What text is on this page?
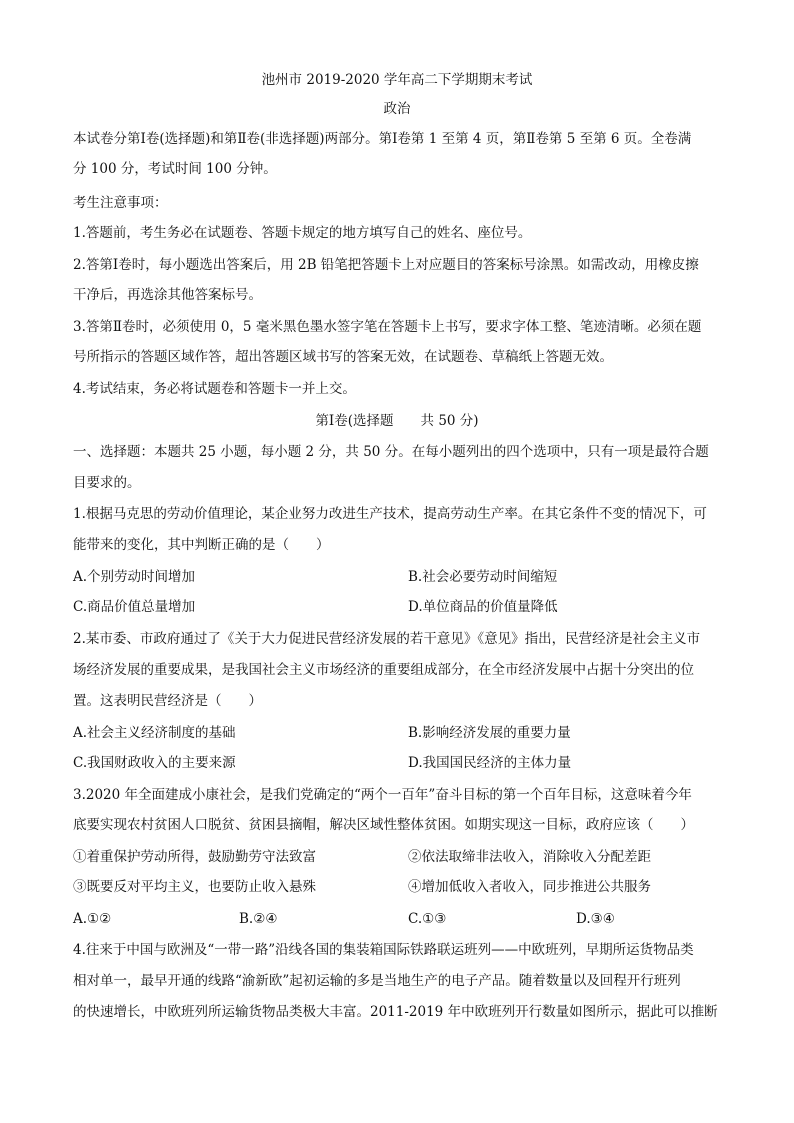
池州市 2019-2020 学年高二下学期期末考试
政治
本试卷分第Ⅰ卷(选择题)和第Ⅱ卷(非选择题)两部分。第Ⅰ卷第 1 至第 4 页，第Ⅱ卷第 5 至第 6 页。全卷满
分 100 分，考试时间 100 分钟。
考生注意事项：
1.答题前，考生务必在试题卷、答题卡规定的地方填写自己的姓名、座位号。
2.答第Ⅰ卷时，每小题选出答案后，用 2B 铅笔把答题卡上对应题目的答案标号涂黑。如需改动，用橡皮擦
干净后，再选涂其他答案标号。
3.答第Ⅱ卷时，必须使用 0，5 毫米黑色墨水签字笔在答题卡上书写，要求字体工整、笔迹清晰。必须在题
号所指示的答题区域作答，超出答题区域书写的答案无效，在试题卷、草稿纸上答题无效。
4.考试结束，务必将试题卷和答题卡一并上交。
第Ⅰ卷(选择题　　共 50 分)
一、选择题：本题共 25 小题，每小题 2 分，共 50 分。在每小题列出的四个选项中，只有一项是最符合题
目要求的。
1.根据马克思的劳动价值理论，某企业努力改进生产技术，提高劳动生产率。在其它条件不变的情况下，可
能带来的变化，其中判断正确的是（　　）
A.个别劳动时间增加	B.社会必要劳动时间缩短
C.商品价值总量增加	D.单位商品的价值量降低
2.某市委、市政府通过了《关于大力促进民营经济发展的若干意见》《意见》指出，民营经济是社会主义市
场经济发展的重要成果，是我国社会主义市场经济的重要组成部分，在全市经济发展中占据十分突出的位
置。这表明民营经济是（　　）
A.社会主义经济制度的基础	B.影响经济发展的重要力量
C.我国财政收入的主要来源	D.我国国民经济的主体力量
3.2020 年全面建成小康社会，是我们党确定的“两个一百年”奋斗目标的第一个百年目标，这意味着今年
底要实现农村贫困人口脱贫、贫困县摘帽，解决区域性整体贫困。如期实现这一目标，政府应该（　　）
①着重保护劳动所得，鼓励勤劳守法致富	②依法取缔非法收入，消除收入分配差距
③既要反对平均主义，也要防止收入悬殊	④增加低收入者收入，同步推进公共服务
A.①②	B.②④	C.①③	D.③④
4.往来于中国与欧洲及“一带一路”沿线各国的集装箱国际铁路联运班列——中欧班列，早期所运货物品类
相对单一，最早开通的线路“渝新欧”起初运输的多是当地生产的电子产品。随着数量以及回程开行班列
的快速增长，中欧班列所运输货物品类极大丰富。2011-2019 年中欧班列开行数量如图所示，据此可以推断
